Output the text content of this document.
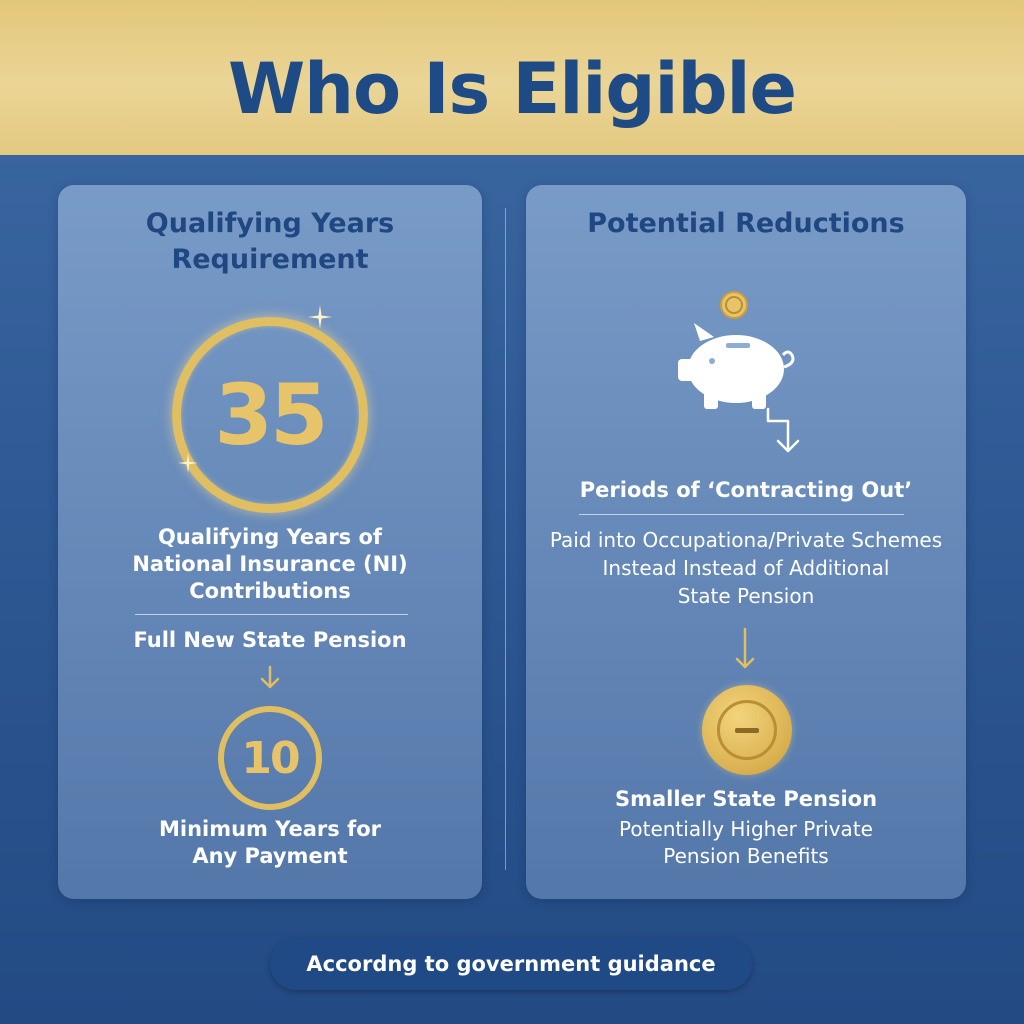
Who Is Eligible

Qualifying Years

Requirement

35

Qualifying Years of

National Insurance (NI)

Contributions

Full New State Pension

10

Minimum Years for

Any Payment

Potential Reductions

Periods of ‘Contracting Out’

Paid into Occupationa/Private Schemes

Instead Instead of Additional

State Pension

Smaller State Pension

Potentially Higher Private

Pension Benefits

Accordng to government guidance
